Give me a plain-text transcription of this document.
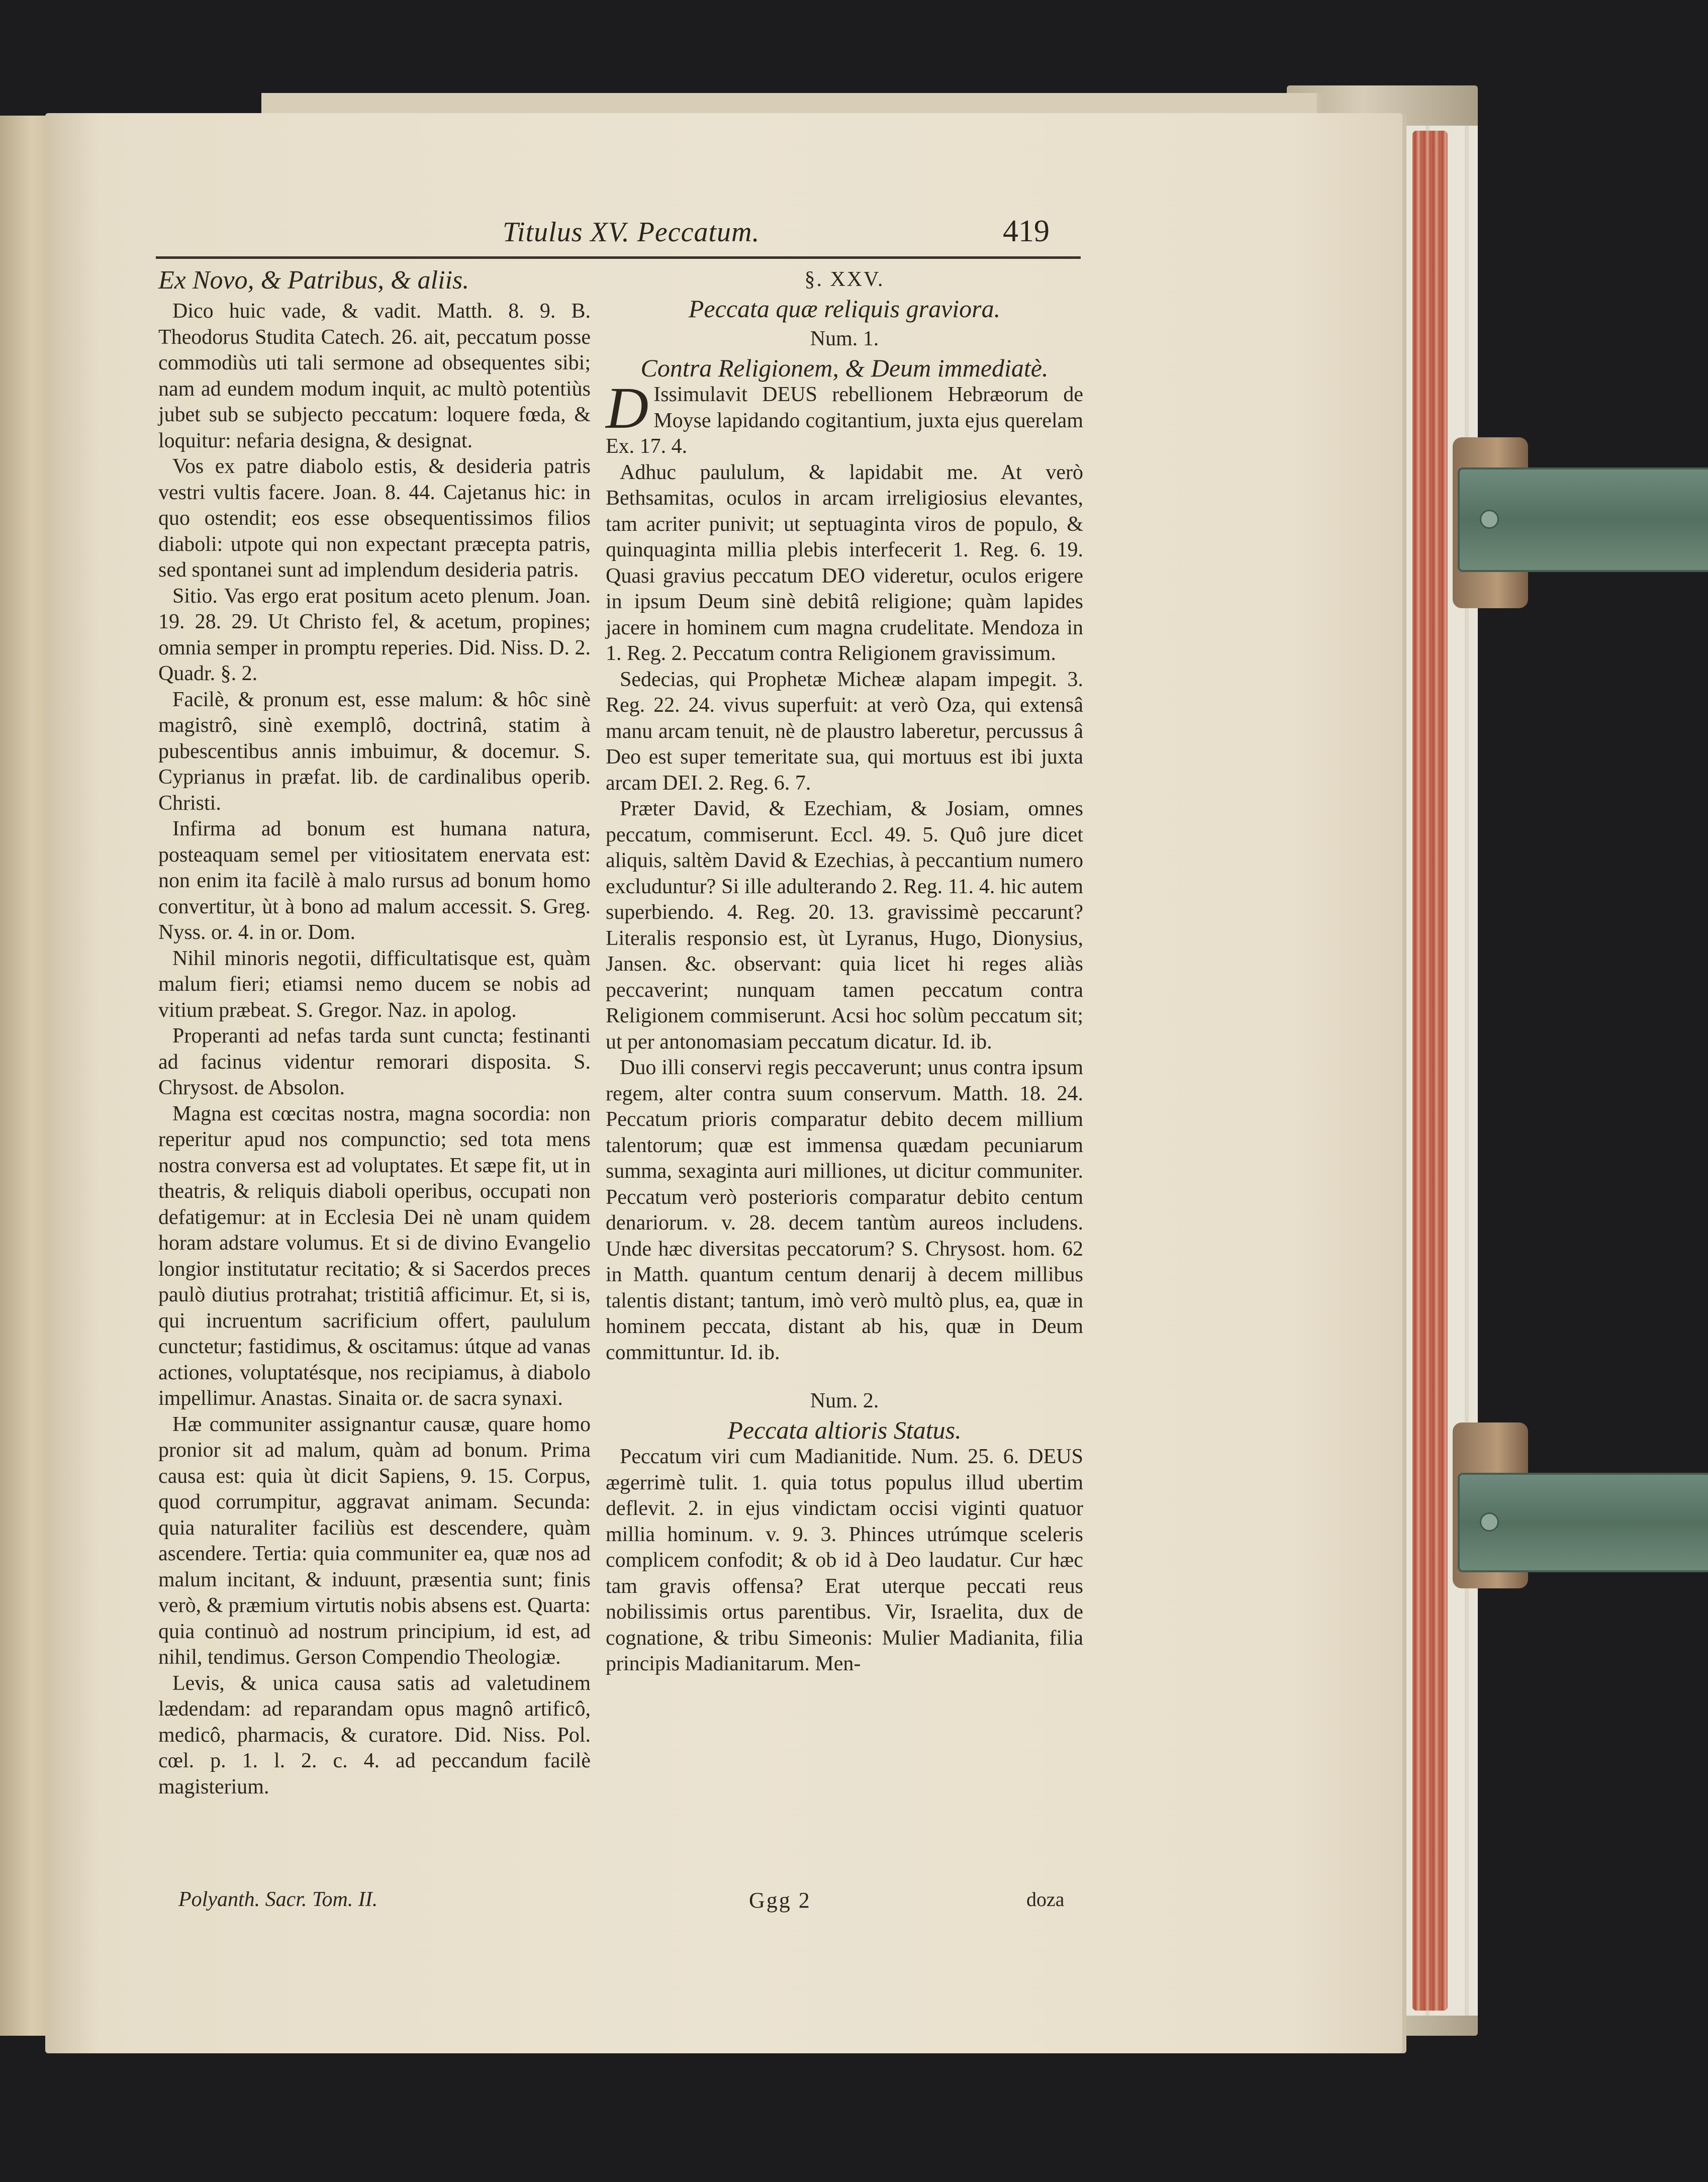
Titulus XV. Peccatum.	419
Ex Novo, & Patribus, & aliis.

Dico huic vade, & vadit. Matth. 8. 9. B. Theodorus Studita Catech. 26. ait, peccatum posse commodiùs uti tali sermone ad obsequentes sibi; nam ad eundem modum inquit, ac multò potentiùs jubet sub se subjecto peccatum: loquere fœda, & loquitur: nefaria designa, & designat.

Vos ex patre diabolo estis, & desideria patris vestri vultis facere. Joan. 8. 44. Cajetanus hic: in quo ostendit; eos esse obsequentissimos filios diaboli: utpote qui non expectant præcepta patris, sed spontanei sunt ad implendum desideria patris.

Sitio. Vas ergo erat positum aceto plenum. Joan. 19. 28. 29. Ut Christo fel, & acetum, propines; omnia semper in promptu reperies. Did. Niss. D. 2. Quadr. §. 2.

Facilè, & pronum est, esse malum: & hôc sinè magistrô, sinè exemplô, doctrinâ, statim à pubescentibus annis imbuimur, & docemur. S. Cyprianus in præfat. lib. de cardinalibus operib. Christi.

Infirma ad bonum est humana natura, posteaquam semel per vitiositatem enervata est: non enim ita facilè à malo rursus ad bonum homo convertitur, ùt à bono ad malum accessit. S. Greg. Nyss. or. 4. in or. Dom.

Nihil minoris negotii, difficultatisque est, quàm malum fieri; etiamsi nemo ducem se nobis ad vitium præbeat. S. Gregor. Naz. in apolog.

Properanti ad nefas tarda sunt cuncta; festinanti ad facinus videntur remorari disposita. S. Chrysost. de Absolon.

Magna est cœcitas nostra, magna socordia: non reperitur apud nos compunctio; sed tota mens nostra conversa est ad voluptates. Et sæpe fit, ut in theatris, & reliquis diaboli operibus, occupati non defatigemur: at in Ecclesia Dei nè unam quidem horam adstare volumus. Et si de divino Evangelio longior institutatur recitatio; & si Sacerdos preces paulò diutius protrahat; tristitiâ afficimur. Et, si is, qui incruentum sacrificium offert, paululum cunctetur; fastidimus, & oscitamus: útque ad vanas actiones, voluptatésque, nos recipiamus, à diabolo impellimur. Anastas. Sinaita or. de sacra synaxi.

Hæ communiter assignantur causæ, quare homo pronior sit ad malum, quàm ad bonum. Prima causa est: quia ùt dicit Sapiens, 9. 15. Corpus, quod corrumpitur, aggravat animam. Secunda: quia naturaliter faciliùs est descendere, quàm ascendere. Tertia: quia communiter ea, quæ nos ad malum incitant, & induunt, præsentia sunt; finis verò, & præmium virtutis nobis absens est. Quarta: quia continuò ad nostrum principium, id est, ad nihil, tendimus. Gerson Compendio Theologiæ.

Levis, & unica causa satis ad valetudinem lædendam: ad reparandam opus magnô artificô, medicô, pharmacis, & curatore. Did. Niss. Pol. cœl. p. 1. l. 2. c. 4. ad peccandum facilè magisterium.

§. XXV.

Peccata quæ reliquis graviora.

Num. 1.

Contra Religionem, & Deum immediatè.

D Issimulavit DEUS rebellionem Hebræorum de Moyse lapidando cogitantium, juxta ejus querelam Ex. 17. 4.

Adhuc paululum, & lapidabit me. At verò Bethsamitas, oculos in arcam irreligiosius elevantes, tam acriter punivit; ut septuaginta viros de populo, & quinquaginta millia plebis interfecerit 1. Reg. 6. 19. Quasi gravius peccatum DEO videretur, oculos erigere in ipsum Deum sinè debitâ religione; quàm lapides jacere in hominem cum magna crudelitate. Mendoza in 1. Reg. 2. Peccatum contra Religionem gravissimum.

Sedecias, qui Prophetæ Micheæ alapam impegit. 3. Reg. 22. 24. vivus superfuit: at verò Oza, qui extensâ manu arcam tenuit, nè de plaustro laberetur, percussus â Deo est super temeritate sua, qui mortuus est ibi juxta arcam DEI. 2. Reg. 6. 7.

Præter David, & Ezechiam, & Josiam, omnes peccatum, commiserunt. Eccl. 49. 5. Quô jure dicet aliquis, saltèm David & Ezechias, à peccantium numero excluduntur? Si ille adulterando 2. Reg. 11. 4. hic autem superbiendo. 4. Reg. 20. 13. gravissimè peccarunt? Literalis responsio est, ùt Lyranus, Hugo, Dionysius, Jansen. &c. observant: quia licet hi reges aliàs peccaverint; nunquam tamen peccatum contra Religionem commiserunt. Acsi hoc solùm peccatum sit; ut per antonomasiam peccatum dicatur. Id. ib.

Duo illi conservi regis peccaverunt; unus contra ipsum regem, alter contra suum conservum. Matth. 18. 24. Peccatum prioris comparatur debito decem millium talentorum; quæ est immensa quædam pecuniarum summa, sexaginta auri milliones, ut dicitur communiter. Peccatum verò posterioris comparatur debito centum denariorum. v. 28. decem tantùm aureos includens. Unde hæc diversitas peccatorum? S. Chrysost. hom. 62 in Matth. quantum centum denarij à decem millibus talentis distant; tantum, imò verò multò plus, ea, quæ in hominem peccata, distant ab his, quæ in Deum committuntur. Id. ib.

Num. 2.

Peccata altioris Status.

Peccatum viri cum Madianitide. Num. 25. 6. DEUS ægerrimè tulit. 1. quia totus populus illud ubertim deflevit. 2. in ejus vindictam occisi viginti quatuor millia hominum. v. 9. 3. Phinces utrúmque sceleris complicem confodit; & ob id à Deo laudatur. Cur hæc tam gravis offensa? Erat uterque peccati reus nobilissimis ortus parentibus. Vir, Israelita, dux de cognatione, & tribu Simeonis: Mulier Madianita, filia principis Madianitarum. Men-

Polyanth. Sacr. Tom. II.	Ggg 2	doza
